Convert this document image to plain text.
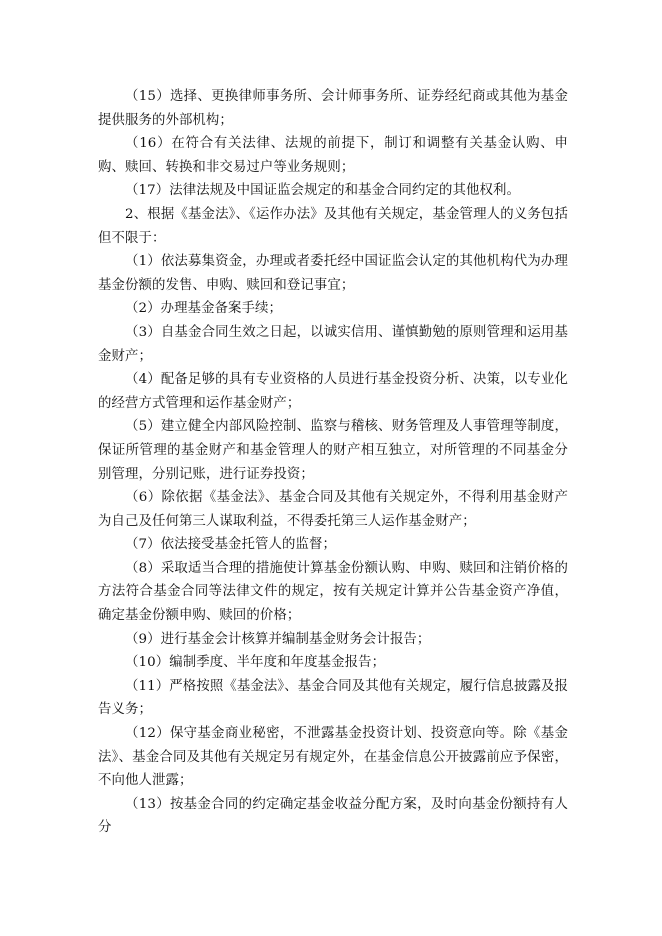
（15）选择、更换律师事务所、会计师事务所、证券经纪商或其他为基金提供服务的外部机构；

（16）在符合有关法律、法规的前提下，制订和调整有关基金认购、申购、赎回、转换和非交易过户等业务规则；

（17）法律法规及中国证监会规定的和基金合同约定的其他权利。

2、根据《基金法》、《运作办法》及其他有关规定，基金管理人的义务包括但不限于：

（1）依法募集资金，办理或者委托经中国证监会认定的其他机构代为办理基金份额的发售、申购、赎回和登记事宜；

（2）办理基金备案手续；

（3）自基金合同生效之日起，以诚实信用、谨慎勤勉的原则管理和运用基金财产；

（4）配备足够的具有专业资格的人员进行基金投资分析、决策，以专业化的经营方式管理和运作基金财产；

（5）建立健全内部风险控制、监察与稽核、财务管理及人事管理等制度，保证所管理的基金财产和基金管理人的财产相互独立，对所管理的不同基金分别管理，分别记账，进行证券投资；

（6）除依据《基金法》、基金合同及其他有关规定外，不得利用基金财产为自己及任何第三人谋取利益，不得委托第三人运作基金财产；

（7）依法接受基金托管人的监督；

（8）采取适当合理的措施使计算基金份额认购、申购、赎回和注销价格的方法符合基金合同等法律文件的规定，按有关规定计算并公告基金资产净值，确定基金份额申购、赎回的价格；

（9）进行基金会计核算并编制基金财务会计报告；

（10）编制季度、半年度和年度基金报告；

（11）严格按照《基金法》、基金合同及其他有关规定，履行信息披露及报告义务；

（12）保守基金商业秘密，不泄露基金投资计划、投资意向等。除《基金法》、基金合同及其他有关规定另有规定外，在基金信息公开披露前应予保密，不向他人泄露；

（13）按基金合同的约定确定基金收益分配方案，及时向基金份额持有人分
